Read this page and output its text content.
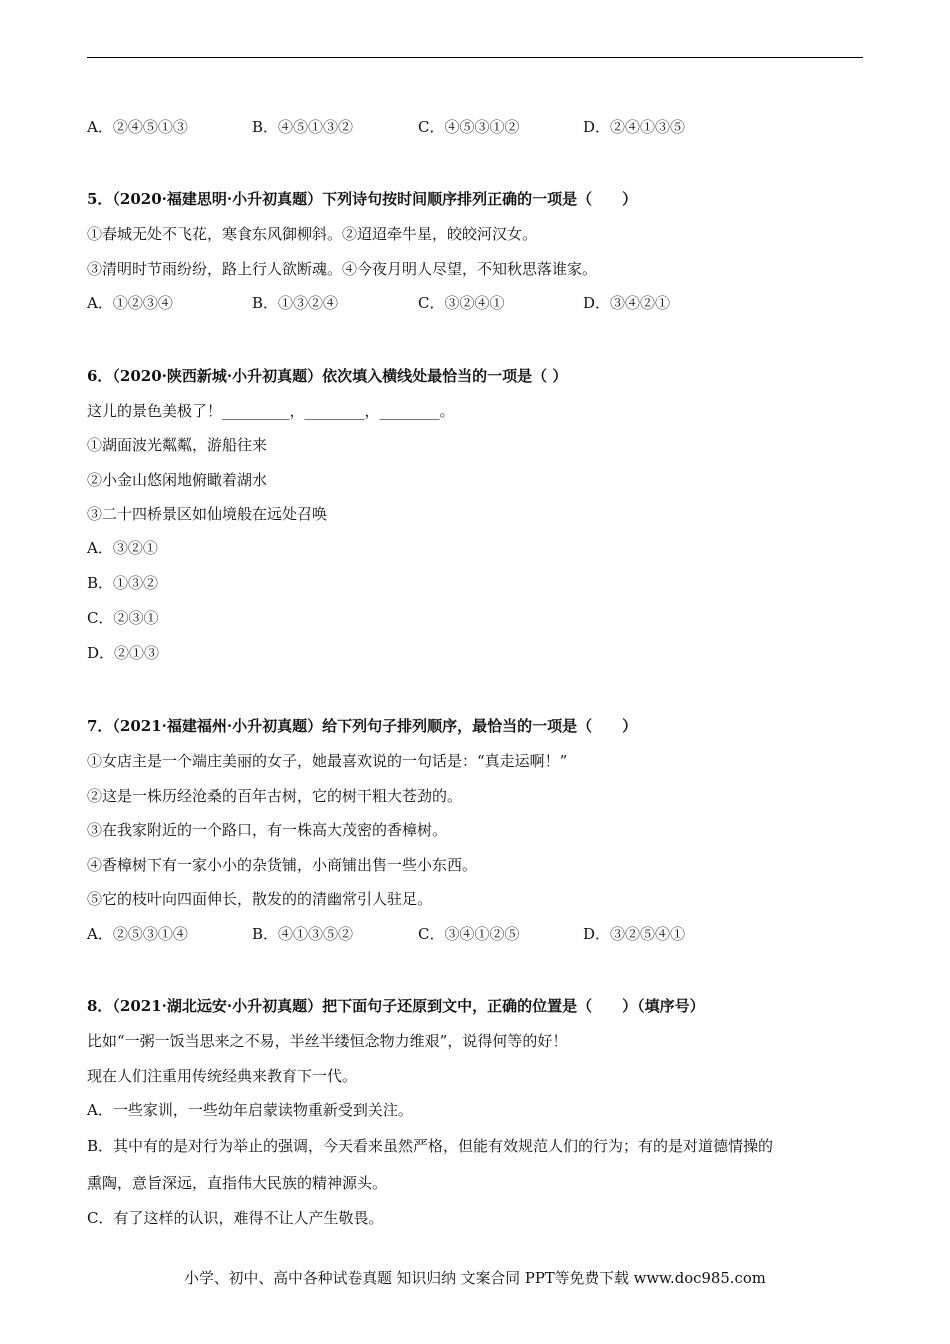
A．②④⑤①③	B．④⑤①③②	C．④⑤③①②	D．②④①③⑤
5．（2020·福建思明·小升初真题）下列诗句按时间顺序排列正确的一项是（　　）
①春城无处不飞花，寒食东风御柳斜。②迢迢牵牛星，皎皎河汉女。
③清明时节雨纷纷，路上行人欲断魂。④今夜月明人尽望，不知秋思落谁家。
A．①②③④	B．①③②④	C．③②④①	D．③④②①
6．（2020·陕西新城·小升初真题）依次填入横线处最恰当的一项是（ ）
这儿的景色美极了！_________，________，________。
①湖面波光粼粼，游船往来
②小金山悠闲地俯瞰着湖水
③二十四桥景区如仙境般在远处召唤
A．③②①
B．①③②
C．②③①
D．②①③
7．（2021·福建福州·小升初真题）给下列句子排列顺序，最恰当的一项是（　　）
①女店主是一个端庄美丽的女子，她最喜欢说的一句话是：“真走运啊！”
②这是一株历经沧桑的百年古树，它的树干粗大苍劲的。
③在我家附近的一个路口，有一株高大茂密的香樟树。
④香樟树下有一家小小的杂货铺，小商铺出售一些小东西。
⑤它的枝叶向四面伸长，散发的的清幽常引人驻足。
A．②⑤③①④	B．④①③⑤②	C．③④①②⑤	D．③②⑤④①
8．（2021·湖北远安·小升初真题）把下面句子还原到文中，正确的位置是（　　）（填序号）
比如“一粥一饭当思来之不易，半丝半缕恒念物力维艰”，说得何等的好！
现在人们注重用传统经典来教育下一代。
A．一些家训，一些幼年启蒙读物重新受到关注。
B．其中有的是对行为举止的强调，今天看来虽然严格，但能有效规范人们的行为；有的是对道德情操的
熏陶，意旨深远，直指伟大民族的精神源头。
C．有了这样的认识，难得不让人产生敬畏。
小学、初中、高中各种试卷真题 知识归纳 文案合同 PPT等免费下载 www.doc985.com
